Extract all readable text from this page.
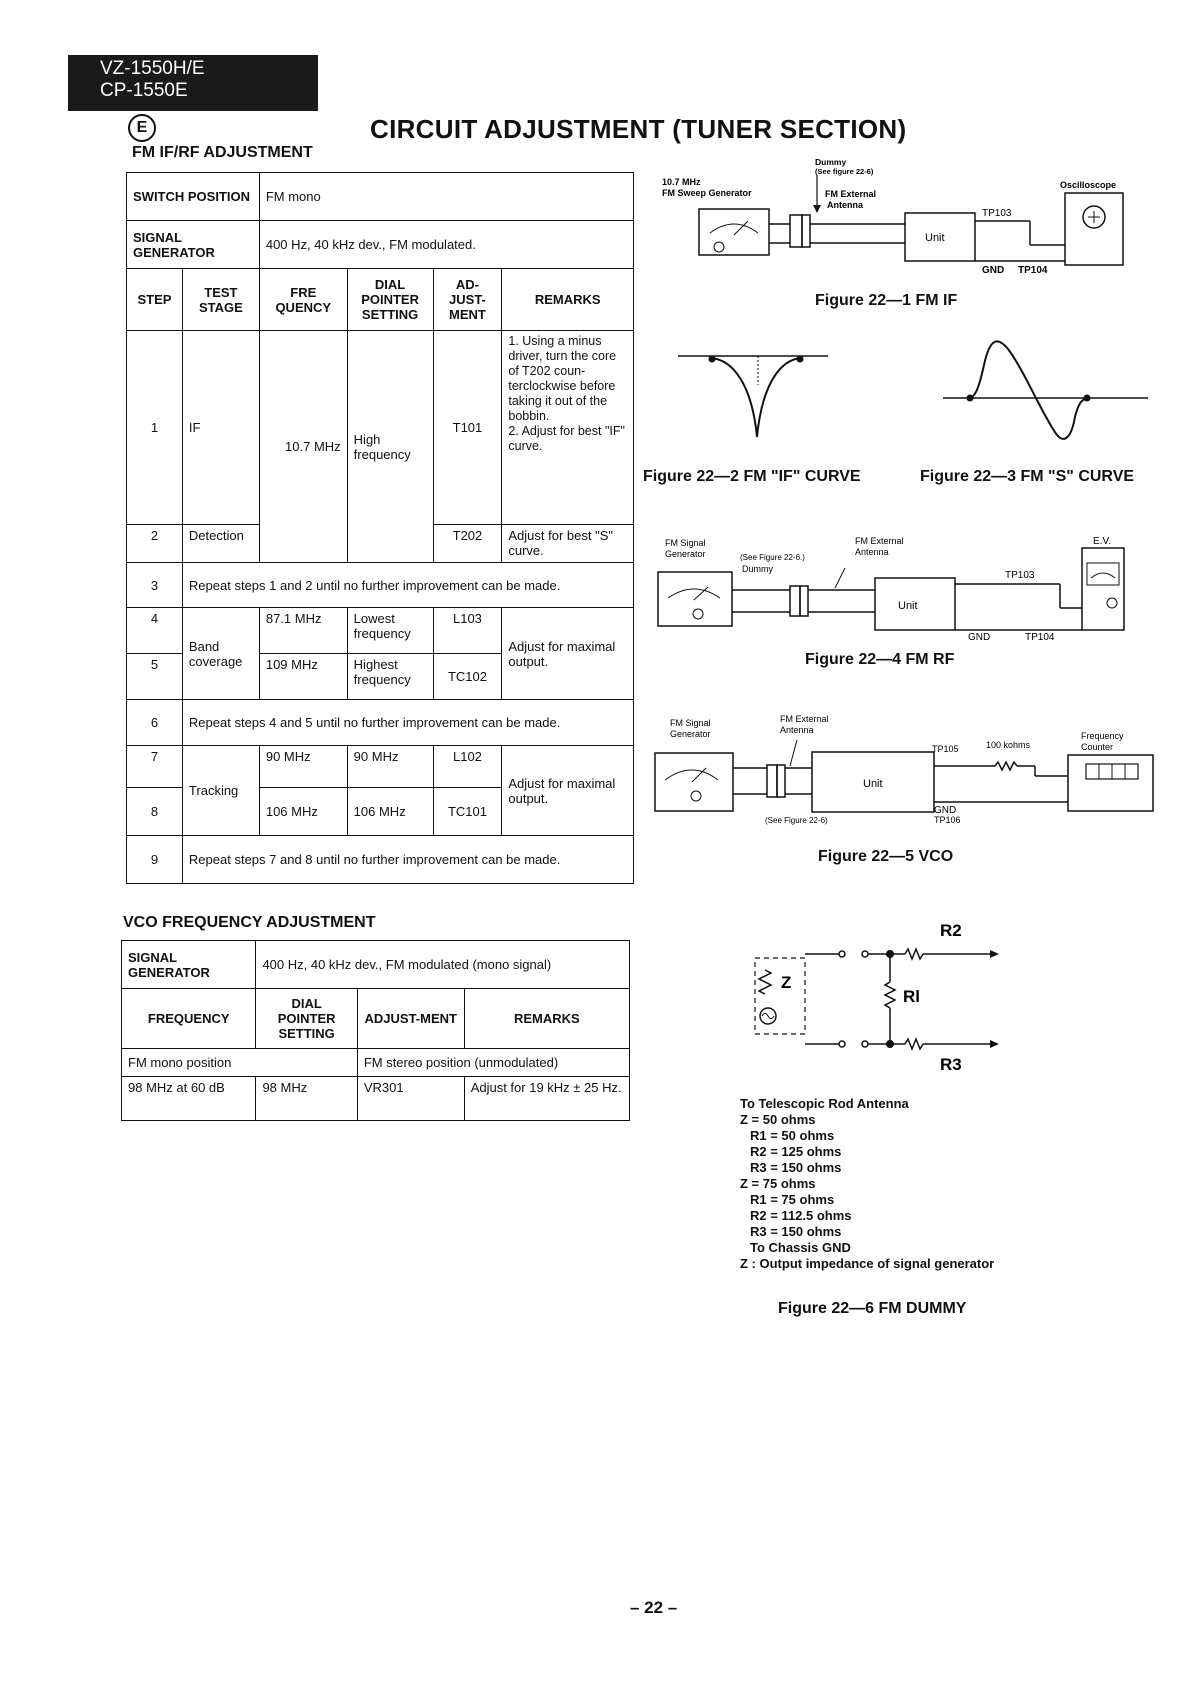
VZ-1550H/E
CP-1550E
E	CIRCUIT ADJUSTMENT (TUNER SECTION)
FM IF/RF ADJUSTMENT
SWITCH POSITION		FM mono			
SIGNAL GENERATOR		400 Hz, 40 kHz dev., FM modulated.			
STEP	TEST STAGE	FRE QUENCY	DIAL POINTER SETTING	AD-JUST-MENT	REMARKS
1	IF	10.7 MHz	High frequency	T101	1. Using a minus driver, turn the core of T202 coun-terclockwise before taking it out of the bobbin.
2. Adjust for best "IF" curve.

2	Detection			T202	Adjust for best "S" curve.
3	Repeat steps 1 and 2 until no further improvement can be made.				
4	Band coverage	87.1 MHz	Lowest frequency	L103	Adjust for maximal output.
5		109 MHz	Highest frequency	TC102	
6	Repeat steps 4 and 5 until no further improvement can be made.				
7	Tracking	90 MHz	90 MHz	L102	Adjust for maximal output.
8		106 MHz	106 MHz	TC101	
9	Repeat steps 7 and 8 until no further improvement can be made.				
VCO FREQUENCY ADJUSTMENT
SIGNAL GENERATOR	400 Hz, 40 kHz dev., FM modulated (mono signal)		
FREQUENCY	DIAL POINTER SETTING	ADJUST-MENT	REMARKS
FM mono position		FM stereo position (unmodulated)	
98 MHz at 60 dB	98 MHz	VR301	Adjust for 19 kHz ± 25 Hz.
Dummy
(See figure 22-6)
10.7 MHz
FM Sweep Generator	FM External
Antenna
Oscilloscope
Unit
TP103
GND TP104
Figure 22—1 FM IF
Figure 22—2 FM "IF" CURVE	Figure 22—3 FM "S" CURVE
FM Signal
Generator	(See Figure 22-6.)
Dummy
FM External
Antenna
E.V.
Unit
TP103
GND	TP104
Figure 22—4 FM RF
FM Signal
Generator
FM External
Antenna
Unit
TP105	100 kohms
Frequency
Counter
GND
TP106
(See Figure 22-6)
Figure 22—5 VCO
R2
Rl
R3
Z
To Telescopic Rod Antenna
Z = 50 ohms
R1 = 50 ohms
R2 = 125 ohms
R3 = 150 ohms
Z = 75 ohms
R1 = 75 ohms
R2 = 112.5 ohms
R3 = 150 ohms
To Chassis GND
Z : Output impedance of signal generator
Figure 22—6 FM DUMMY
– 22 –
